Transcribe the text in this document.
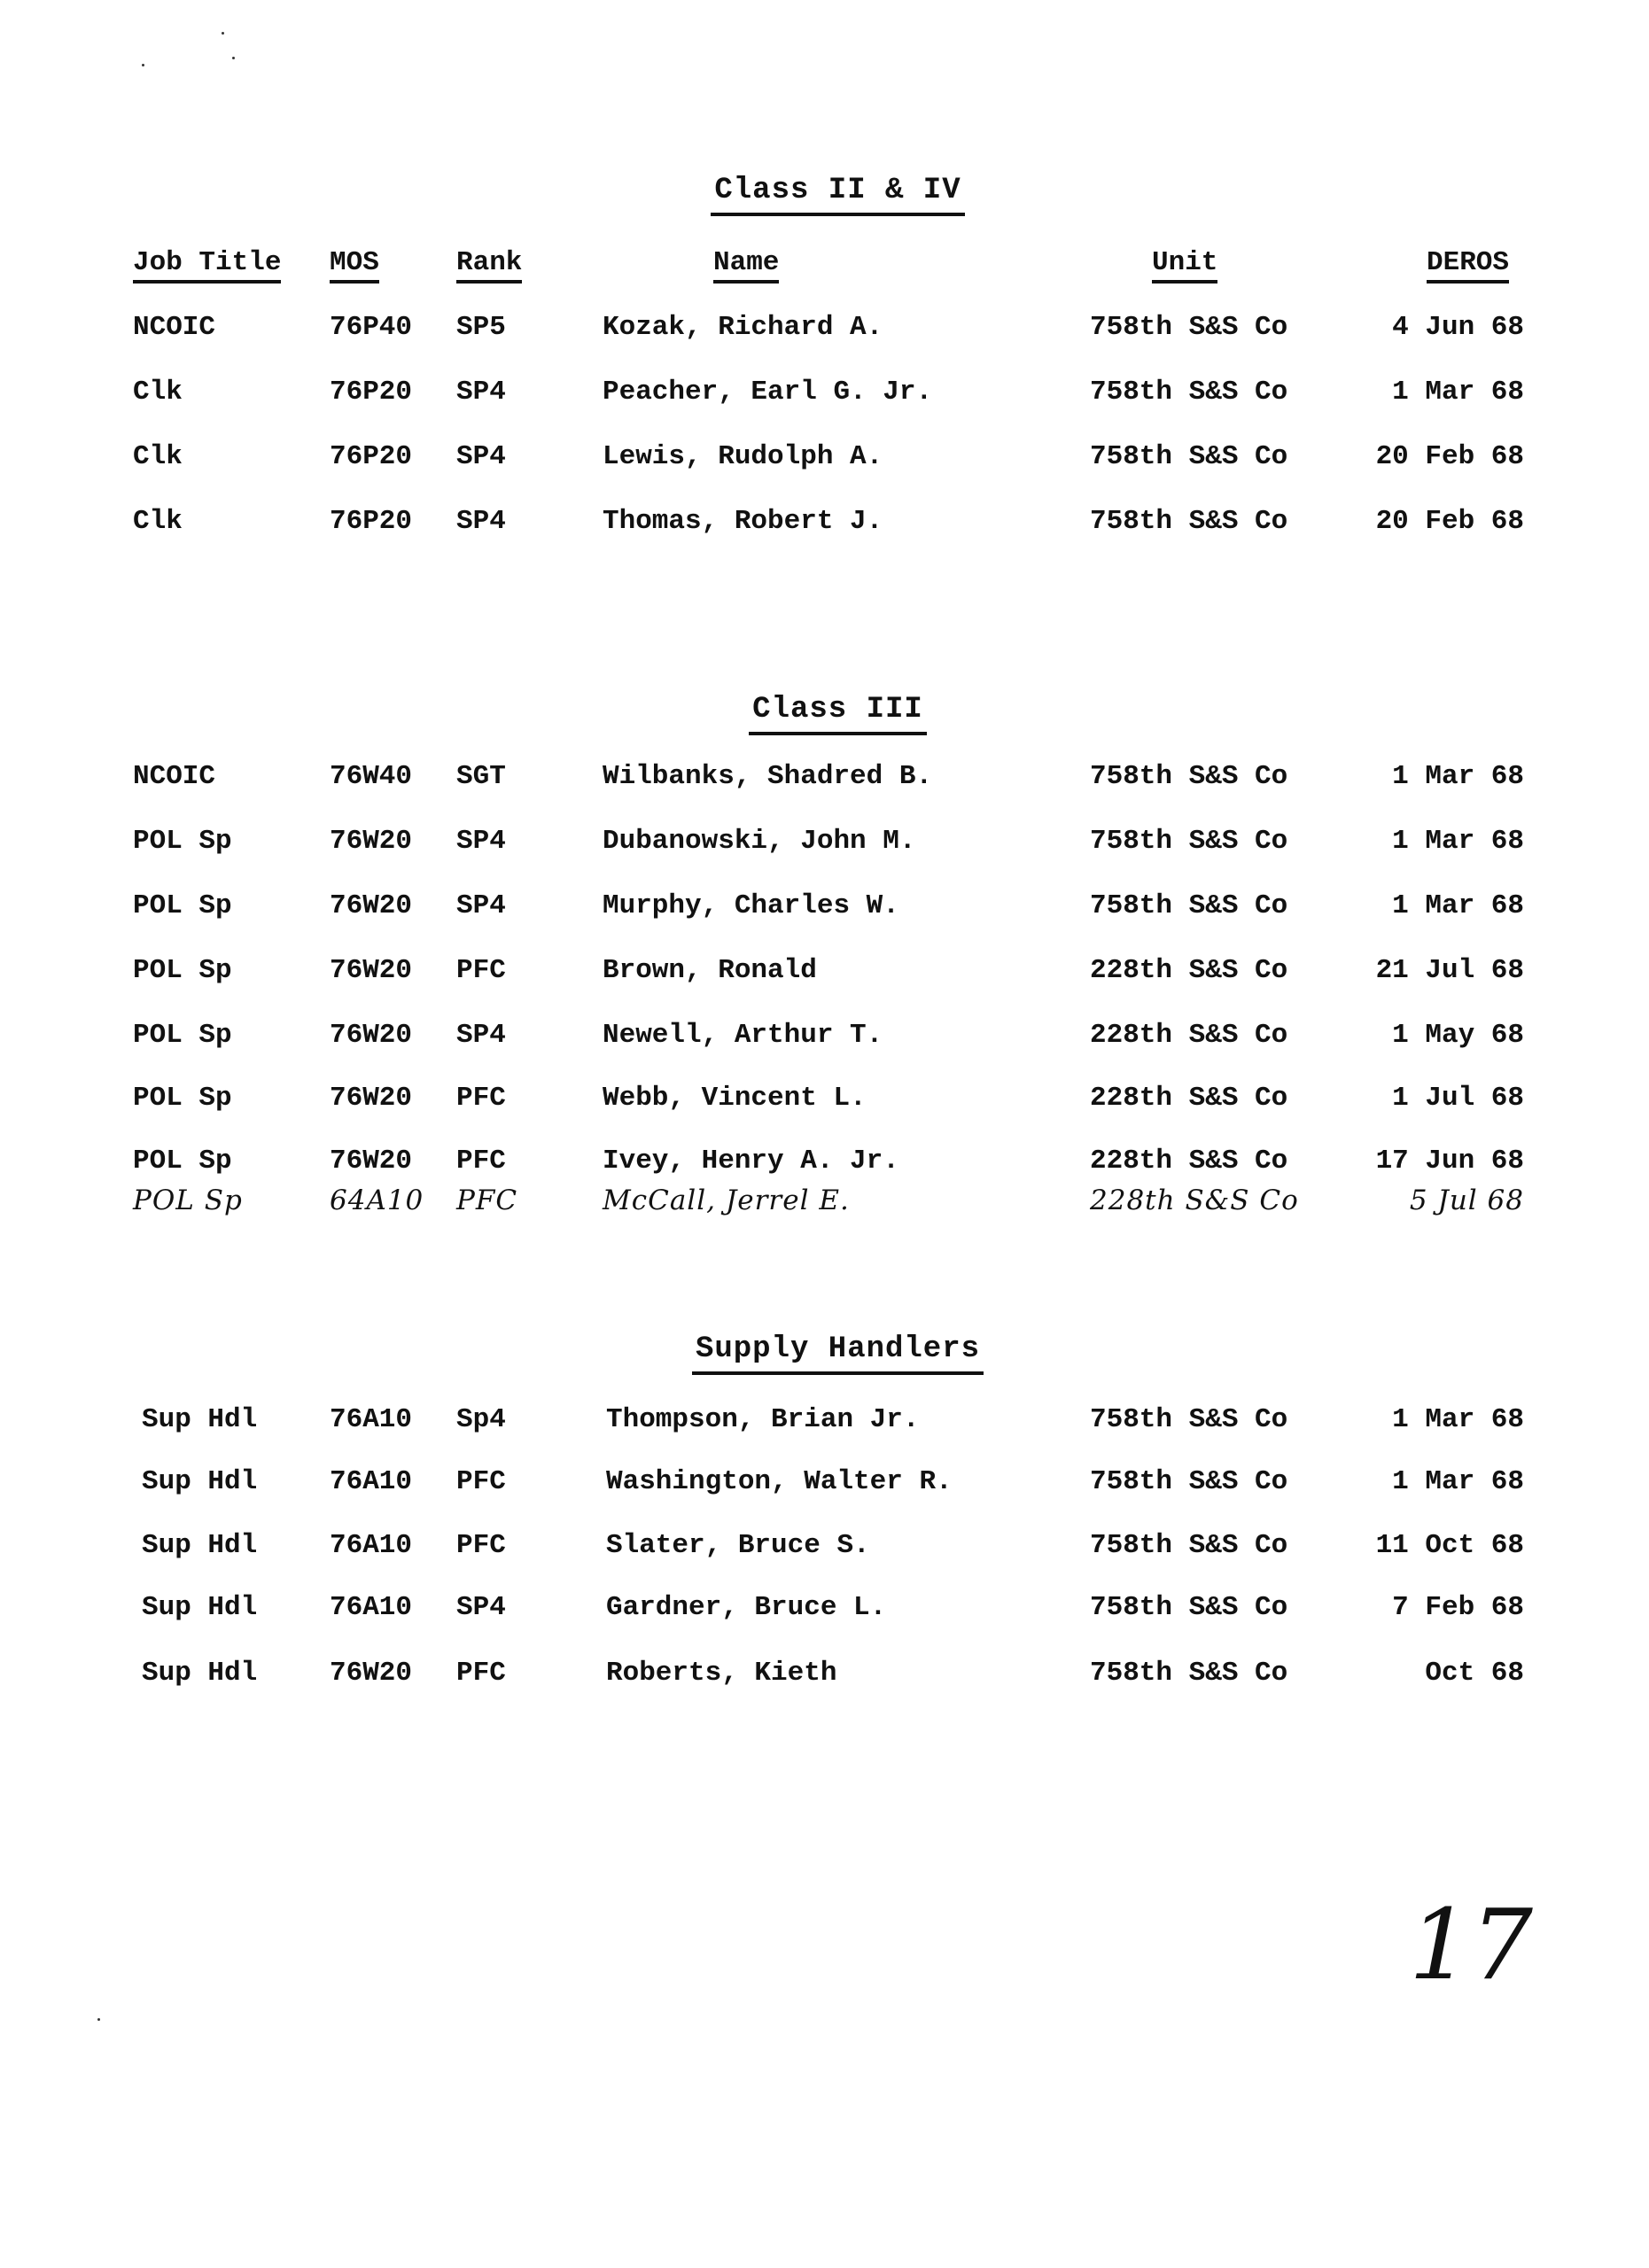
Class II & IV
Job Title MOS	Rank	Name	Unit	DEROS
NCOIC	76P40 SP5	Kozak, Richard A.	758th S&S Co	4 Jun 68
Clk	76P20 SP4	Peacher, Earl G. Jr.	758th S&S Co	1 Mar 68
Clk	76P20 SP4	Lewis, Rudolph A.	758th S&S Co	20 Feb 68
Clk	76P20 SP4	Thomas, Robert J.	758th S&S Co	20 Feb 68
Class III
NCOIC	76W40 SGT	Wilbanks, Shadred B.	758th S&S Co	1 Mar 68
POL Sp	76W20 SP4	Dubanowski, John M.	758th S&S Co	1 Mar 68
POL Sp	76W20 SP4	Murphy, Charles W.	758th S&S Co	1 Mar 68
POL Sp	76W20 PFC	Brown, Ronald	228th S&S Co	21 Jul 68
POL Sp	76W20 SP4	Newell, Arthur T.	228th S&S Co	1 May 68
POL Sp	76W20 PFC	Webb, Vincent L.	228th S&S Co	1 Jul 68
POL Sp	76W20 PFC	Ivey, Henry A. Jr.	228th S&S Co	17 Jun 68
POL Sp	64A10 PFC	McCall, Jerrel E.	228th S&S Co	5 Jul 68
Supply Handlers
Sup Hdl	76A10 Sp4	Thompson, Brian Jr.	758th S&S Co	1 Mar 68
Sup Hdl	76A10 PFC	Washington, Walter R.	758th S&S Co	1 Mar 68
Sup Hdl	76A10 PFC	Slater, Bruce S.	758th S&S Co	11 Oct 68
Sup Hdl	76A10 SP4	Gardner, Bruce L.	758th S&S Co	7 Feb 68
Sup Hdl	76W20 PFC	Roberts, Kieth	758th S&S Co	Oct 68
17
